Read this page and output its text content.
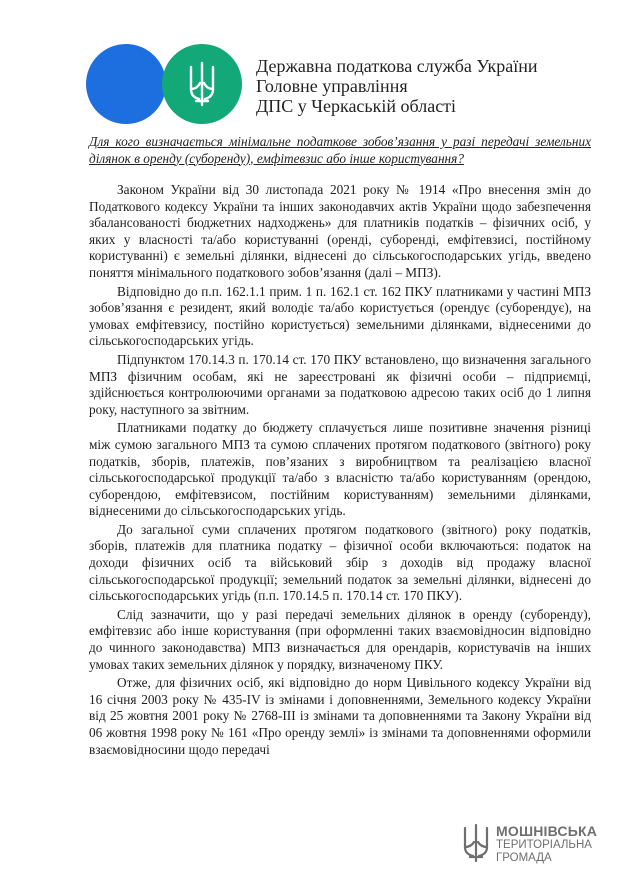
Державна податкова служба України
Головне управління
ДПС у Черкаській області
Для кого визначається мінімальне податкове зобов’язання у разі передачі земельних ділянок в оренду (суборенду), емфітевзис або інше користування?

Законом України від 30 листопада 2021 року № 1914 «Про внесення змін до Податкового кодексу України та інших законодавчих актів України щодо забезпечення збалансованості бюджетних надходжень» для платників податків – фізичних осіб, у яких у власності та/або користуванні (оренді, суборенді, емфітевзисі, постійному користуванні) є земельні ділянки, віднесені до сільськогосподарських угідь, введено поняття мінімального податкового зобов’язання (далі – МПЗ).

Відповідно до п.п. 162.1.1 прим. 1 п. 162.1 ст. 162 ПКУ платниками у частині МПЗ зобов’язання є резидент, який володіє та/або користується (орендує (суборендує), на умовах емфітевзису, постійно користується) земельними ділянками, віднесеними до сільськогосподарських угідь.

Підпунктом 170.14.3 п. 170.14 ст. 170 ПКУ встановлено, що визначення загального МПЗ фізичним особам, які не зареєстровані як фізичні особи – підприємці, здійснюється контролюючими органами за податковою адресою таких осіб до 1 липня року, наступного за звітним.

Платниками податку до бюджету сплачується лише позитивне значення різниці між сумою загального МПЗ та сумою сплачених протягом податкового (звітного) року податків, зборів, платежів, пов’язаних з виробництвом та реалізацією власної сільськогосподарської продукції та/або з власністю та/або користуванням (орендою, суборендою, емфітевзисом, постійним користуванням) земельними ділянками, віднесеними до сільськогосподарських угідь.

До загальної суми сплачених протягом податкового (звітного) року податків, зборів, платежів для платника податку – фізичної особи включаються: податок на доходи фізичних осіб та військовий збір з доходів від продажу власної сільськогосподарської продукції; земельний податок за земельні ділянки, віднесені до сільськогосподарських угідь (п.п. 170.14.5 п. 170.14 ст. 170 ПКУ).

Слід зазначити, що у разі передачі земельних ділянок в оренду (суборенду), емфітевзис або інше користування (при оформленні таких взаємовідносин відповідно до чинного законодавства) МПЗ визначається для орендарів, користувачів на інших умовах таких земельних ділянок у порядку, визначеному ПКУ.

Отже, для фізичних осіб, які відповідно до норм Цивільного кодексу України від 16 січня 2003 року № 435-IV із змінами і доповненнями, Земельного кодексу України від 25 жовтня 2001 року № 2768-ІІІ із змінами та доповненнями та Закону України від 06 жовтня 1998 року № 161 «Про оренду землі» із змінами та доповненнями оформили взаємовідносини щодо передачі

МОШНІВСЬКА
ТЕРИТОРІАЛЬНА
ГРОМАДА
